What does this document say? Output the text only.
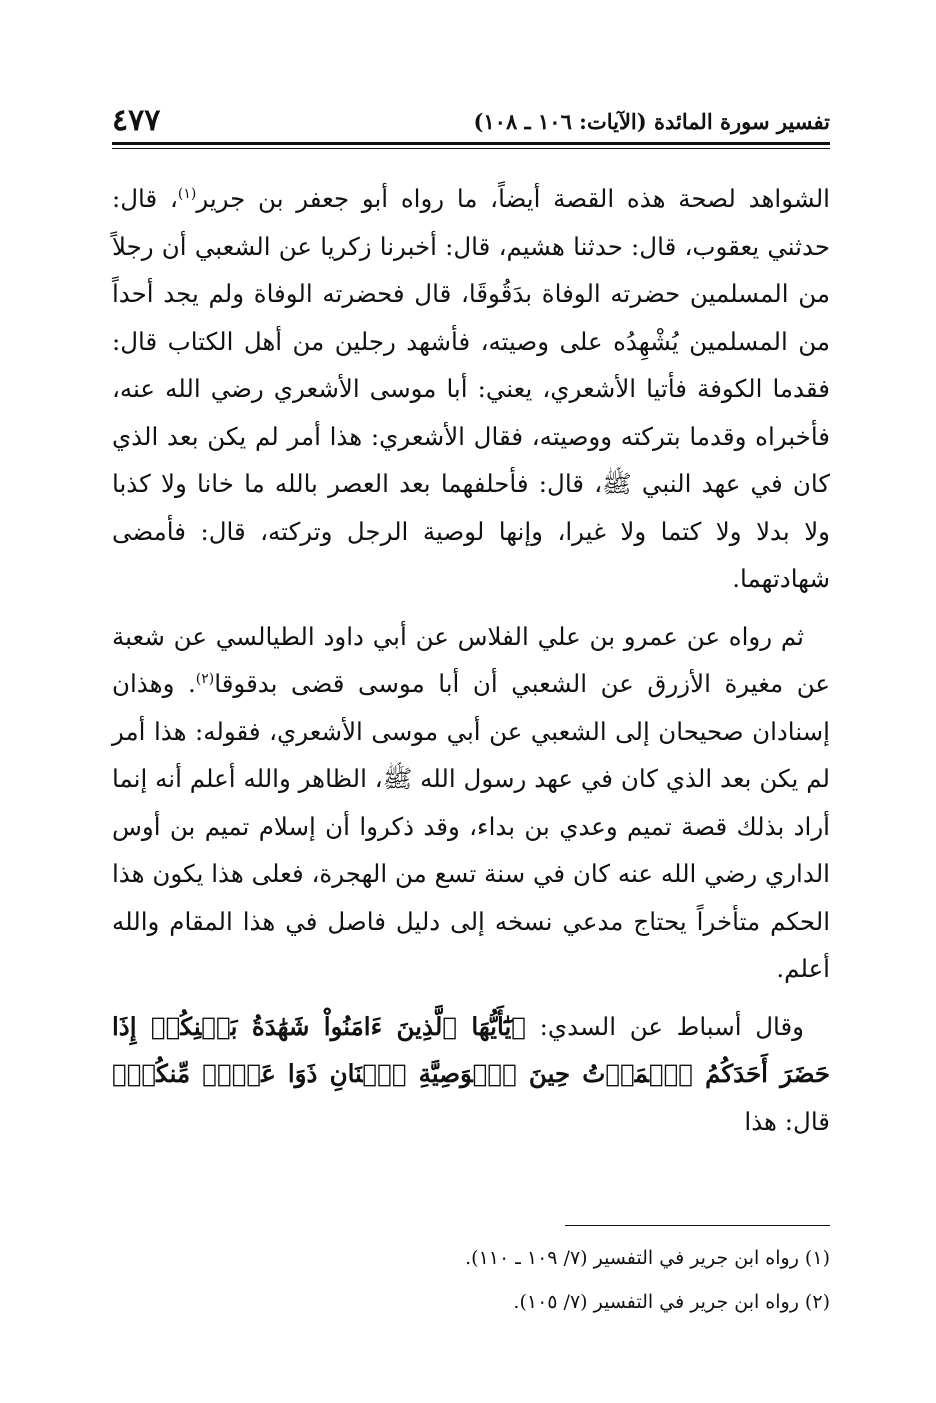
تفسير سورة المائدة (الآيات: ١٠٦ ـ ١٠٨)
٤٧٧

الشواهد لصحة هذه القصة أيضاً، ما رواه أبو جعفر بن جرير$^{(١)}$، قال: حدثني يعقوب، قال: حدثنا هشيم، قال: أخبرنا زكريا عن الشعبي أن رجلاً من المسلمين حضرته الوفاة بدَقُوقَا، قال فحضرته الوفاة ولم يجد أحداً من المسلمين يُشْهِدُه على وصيته، فأشهد رجلين من أهل الكتاب قال: فقدما الكوفة فأتيا الأشعري، يعني: أبا موسى الأشعري رضي الله عنه، فأخبراه وقدما بتركته ووصيته، فقال الأشعري: هذا أمر لم يكن بعد الذي كان في عهد النبي ﷺ، قال: فأحلفهما بعد العصر بالله ما خانا ولا كذبا ولا بدلا ولا كتما ولا غيرا، وإنها لوصية الرجل وتركته، قال: فأمضى شهادتهما.

ثم رواه عن عمرو بن علي الفلاس عن أبي داود الطيالسي عن شعبة عن مغيرة الأزرق عن الشعبي أن أبا موسى قضى بدقوقا$^{(٢)}$. وهذان إسنادان صحيحان إلى الشعبي عن أبي موسى الأشعري، فقوله: هذا أمر لم يكن بعد الذي كان في عهد رسول الله ﷺ، الظاهر والله أعلم أنه إنما أراد بذلك قصة تميم وعدي بن بداء، وقد ذكروا أن إسلام تميم بن أوس الداري رضي الله عنه كان في سنة تسع من الهجرة، فعلى هذا يكون هذا الحكم متأخراً يحتاج مدعي نسخه إلى دليل فاصل في هذا المقام والله أعلم.

وقال أسباط عن السدي: ﴿يَٰٓأَيُّهَا ٱلَّذِينَ ءَامَنُواْ شَهَٰدَةُ بَيۡنِكُمۡ إِذَا حَضَرَ أَحَدَكُمُ ٱلۡمَوۡتُ حِينَ ٱلۡوَصِيَّةِ ٱثۡنَانِ ذَوَا عَدۡلٖ مِّنكُمۡ﴾ قال: هذا

(١) رواه ابن جرير في التفسير (٧/ ١٠٩ ـ ١١٠).

(٢) رواه ابن جرير في التفسير (٧/ ١٠٥).
